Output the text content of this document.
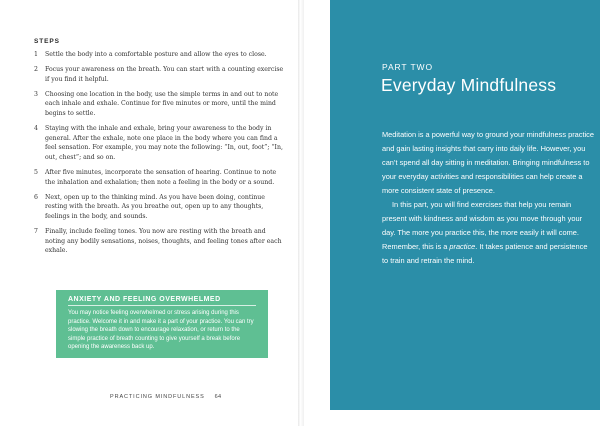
STEPS
1 Settle the body into a comfortable posture and allow the eyes to close.
2 Focus your awareness on the breath. You can start with a counting exercise if you find it helpful.
3 Choosing one location in the body, use the simple terms in and out to note each inhale and exhale. Continue for five minutes or more, until the mind begins to settle.
4 Staying with the inhale and exhale, bring your awareness to the body in general. After the exhale, note one place in the body where you can find a feel sensation. For example, you may note the following: “In, out, foot”; “In, out, chest”; and so on.
5 After five minutes, incorporate the sensation of hearing. Continue to note the inhalation and exhalation; then note a feeling in the body or a sound.
6 Next, open up to the thinking mind. As you have been doing, continue resting with the breath. As you breathe out, open up to any thoughts, feelings in the body, and sounds.
7 Finally, include feeling tones. You now are resting with the breath and noting any bodily sensations, noises, thoughts, and feeling tones after each exhale.
ANXIETY AND FEELING OVERWHELMED
You may notice feeling overwhelmed or stress arising during this practice. Welcome it in and make it a part of your practice. You can try slowing the breath down to encourage relaxation, or return to the simple practice of breath counting to give yourself a break before opening the awareness back up.
PRACTICING MINDFULNESS 64
PART TWO
Everyday Mindfulness

Meditation is a powerful way to ground your mindfulness practice and gain lasting insights that carry into daily life. However, you can’t spend all day sitting in meditation. Bringing mindfulness to your everyday activities and responsibilities can help create a more consistent state of presence.

In this part, you will find exercises that help you remain present with kindness and wisdom as you move through your day. The more you practice this, the more easily it will come. Remember, this is a practice. It takes patience and persistence to train and retrain the mind.
